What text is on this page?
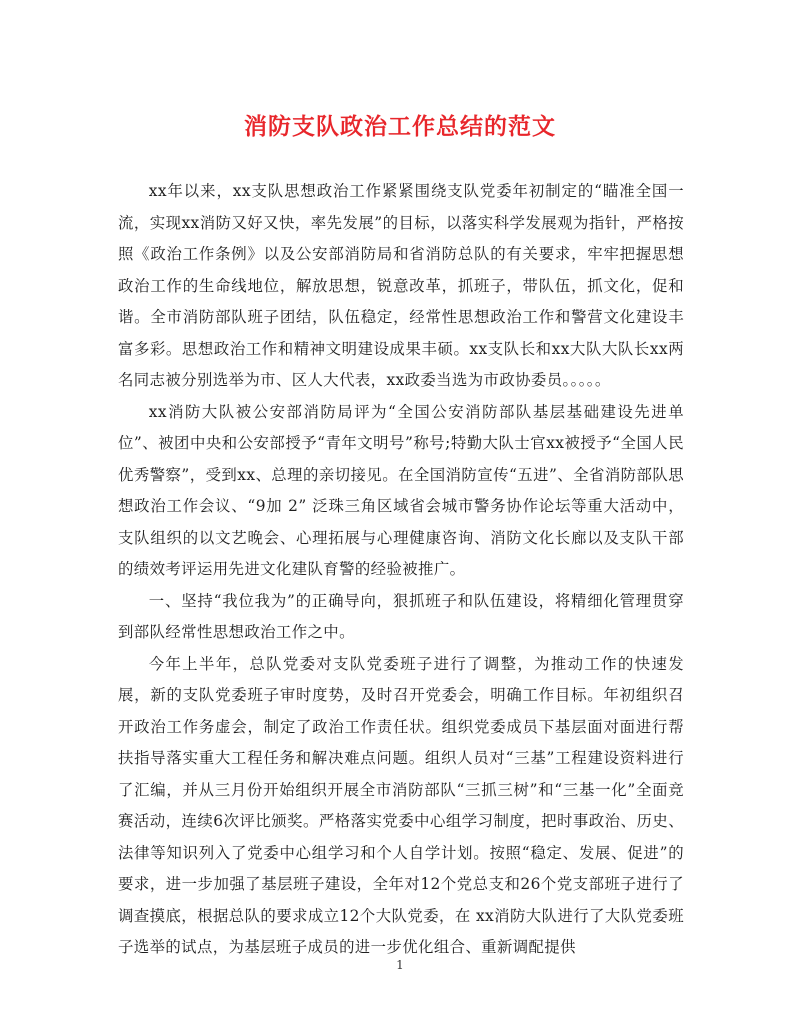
消防支队政治工作总结的范文

xx年以来，xx支队思想政治工作紧紧围绕支队党委年初制定的“瞄准全国一流，实现xx消防又好又快，率先发展”的目标，以落实科学发展观为指针，严格按照《政治工作条例》以及公安部消防局和省消防总队的有关要求，牢牢把握思想政治工作的生命线地位，解放思想，锐意改革，抓班子，带队伍，抓文化，促和谐。全市消防部队班子团结，队伍稳定，经常性思想政治工作和警营文化建设丰富多彩。思想政治工作和精神文明建设成果丰硕。xx支队长和xx大队大队长xx两名同志被分别选举为市、区人大代表，xx政委当选为市政协委员。。。。。

xx消防大队被公安部消防局评为“全国公安消防部队基层基础建设先进单位”、被团中央和公安部授予“青年文明号”称号;特勤大队士官xx被授予“全国人民优秀警察”，受到xx、总理的亲切接见。在全国消防宣传“五进”、全省消防部队思想政治工作会议、“9加 2” 泛珠三角区域省会城市警务协作论坛等重大活动中，支队组织的以文艺晚会、心理拓展与心理健康咨询、消防文化长廊以及支队干部的绩效考评运用先进文化建队育警的经验被推广。

一、坚持“我位我为”的正确导向，狠抓班子和队伍建设，将精细化管理贯穿到部队经常性思想政治工作之中。

今年上半年，总队党委对支队党委班子进行了调整，为推动工作的快速发展，新的支队党委班子审时度势，及时召开党委会，明确工作目标。年初组织召开政治工作务虚会，制定了政治工作责任状。组织党委成员下基层面对面进行帮扶指导落实重大工程任务和解决难点问题。组织人员对“三基”工程建设资料进行了汇编，并从三月份开始组织开展全市消防部队“三抓三树”和“三基一化”全面竞赛活动，连续6次评比颁奖。严格落实党委中心组学习制度，把时事政治、历史、法律等知识列入了党委中心组学习和个人自学计划。按照“稳定、发展、促进”的要求，进一步加强了基层班子建设，全年对12个党总支和26个党支部班子进行了调查摸底，根据总队的要求成立12个大队党委，在 xx消防大队进行了大队党委班子选举的试点，为基层班子成员的进一步优化组合、重新调配提供

1
